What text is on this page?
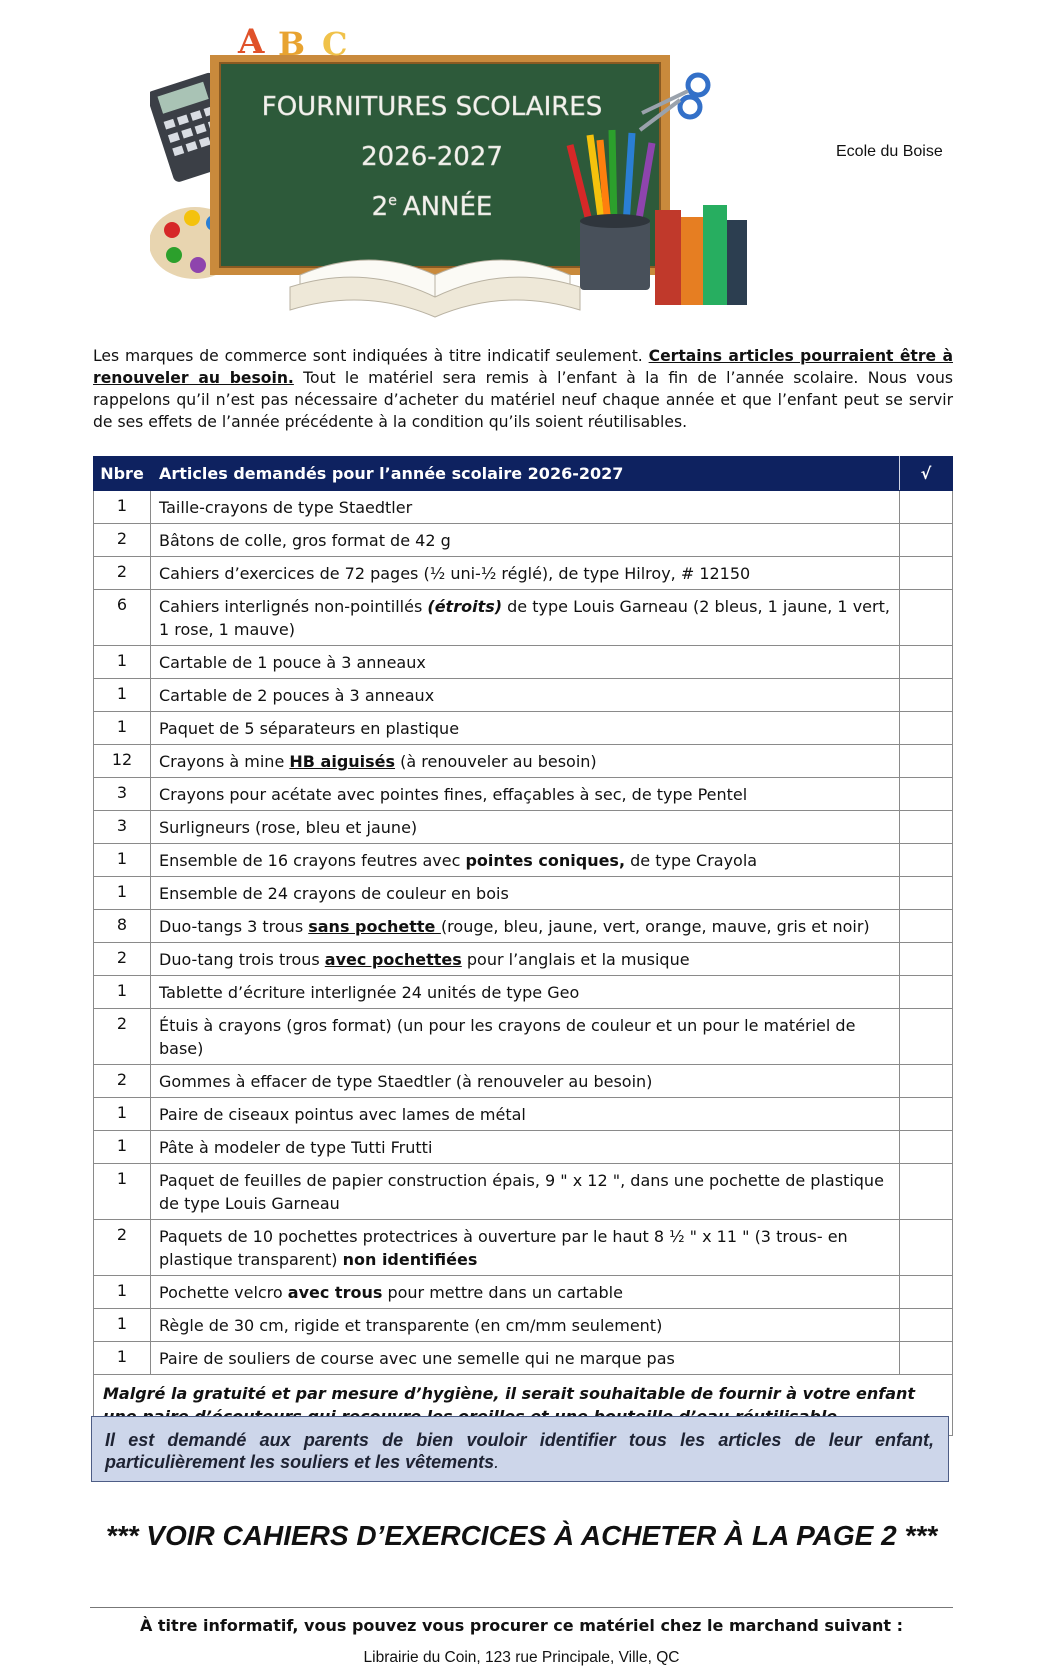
A B C
FOURNITURES SCOLAIRES
2026-2027
2e ANNÉE
Ecole du Boise
Les marques de commerce sont indiquées à titre indicatif seulement. Certains articles pourraient être à renouveler au besoin. Tout le matériel sera remis à l’enfant à la fin de l’année scolaire. Nous vous rappelons qu’il n’est pas nécessaire d’acheter du matériel neuf chaque année et que l’enfant peut se servir de ses effets de l’année précédente à la condition qu’ils soient réutilisables.
Nbre	Articles demandés pour l’année scolaire 2026-2027	√
1	Taille-crayons de type Staedtler	
2	Bâtons de colle, gros format de 42 g	
2	Cahiers d’exercices de 72 pages (½ uni-½ réglé), de type Hilroy, # 12150	
6	Cahiers interlignés non-pointillés (étroits) de type Louis Garneau (2 bleus, 1 jaune, 1 vert, 1 rose, 1 mauve)	
1	Cartable de 1 pouce à 3 anneaux	
1	Cartable de 2 pouces à 3 anneaux	
1	Paquet de 5 séparateurs en plastique	
12	Crayons à mine HB aiguisés (à renouveler au besoin)	
3	Crayons pour acétate avec pointes fines, effaçables à sec, de type Pentel	
3	Surligneurs (rose, bleu et jaune)	
1	Ensemble de 16 crayons feutres avec pointes coniques, de type Crayola	
1	Ensemble de 24 crayons de couleur en bois	
8	Duo-tangs 3 trous sans pochette (rouge, bleu, jaune, vert, orange, mauve, gris et noir)	
2	Duo-tang trois trous avec pochettes pour l’anglais et la musique	
1	Tablette d’écriture interlignée 24 unités de type Geo	
2	Étuis à crayons (gros format) (un pour les crayons de couleur et un pour le matériel de base)	
2	Gommes à effacer de type Staedtler (à renouveler au besoin)	
1	Paire de ciseaux pointus avec lames de métal	
1	Pâte à modeler de type Tutti Frutti	
1	Paquet de feuilles de papier construction épais, 9 " x 12 ", dans une pochette de plastique de type Louis Garneau	
2	Paquets de 10 pochettes protectrices à ouverture par le haut 8 ½ " x 11 " (3 trous- en plastique transparent) non identifiées	
1	Pochette velcro avec trous pour mettre dans un cartable	
1	Règle de 30 cm, rigide et transparente (en cm/mm seulement)	
1	Paire de souliers de course avec une semelle qui ne marque pas	
Malgré la gratuité et par mesure d’hygiène, il serait souhaitable de fournir à votre enfant		
Il est demandé aux parents de bien vouloir identifier tous les articles de leur enfant, particulièrement les souliers et les vêtements.
*** VOIR CAHIERS D’EXERCICES À ACHETER À LA PAGE 2 ***
À titre informatif, vous pouvez vous procurer ce matériel chez le marchand suivant :
Librairie du Coin, 123 rue Principale, Ville, QC
